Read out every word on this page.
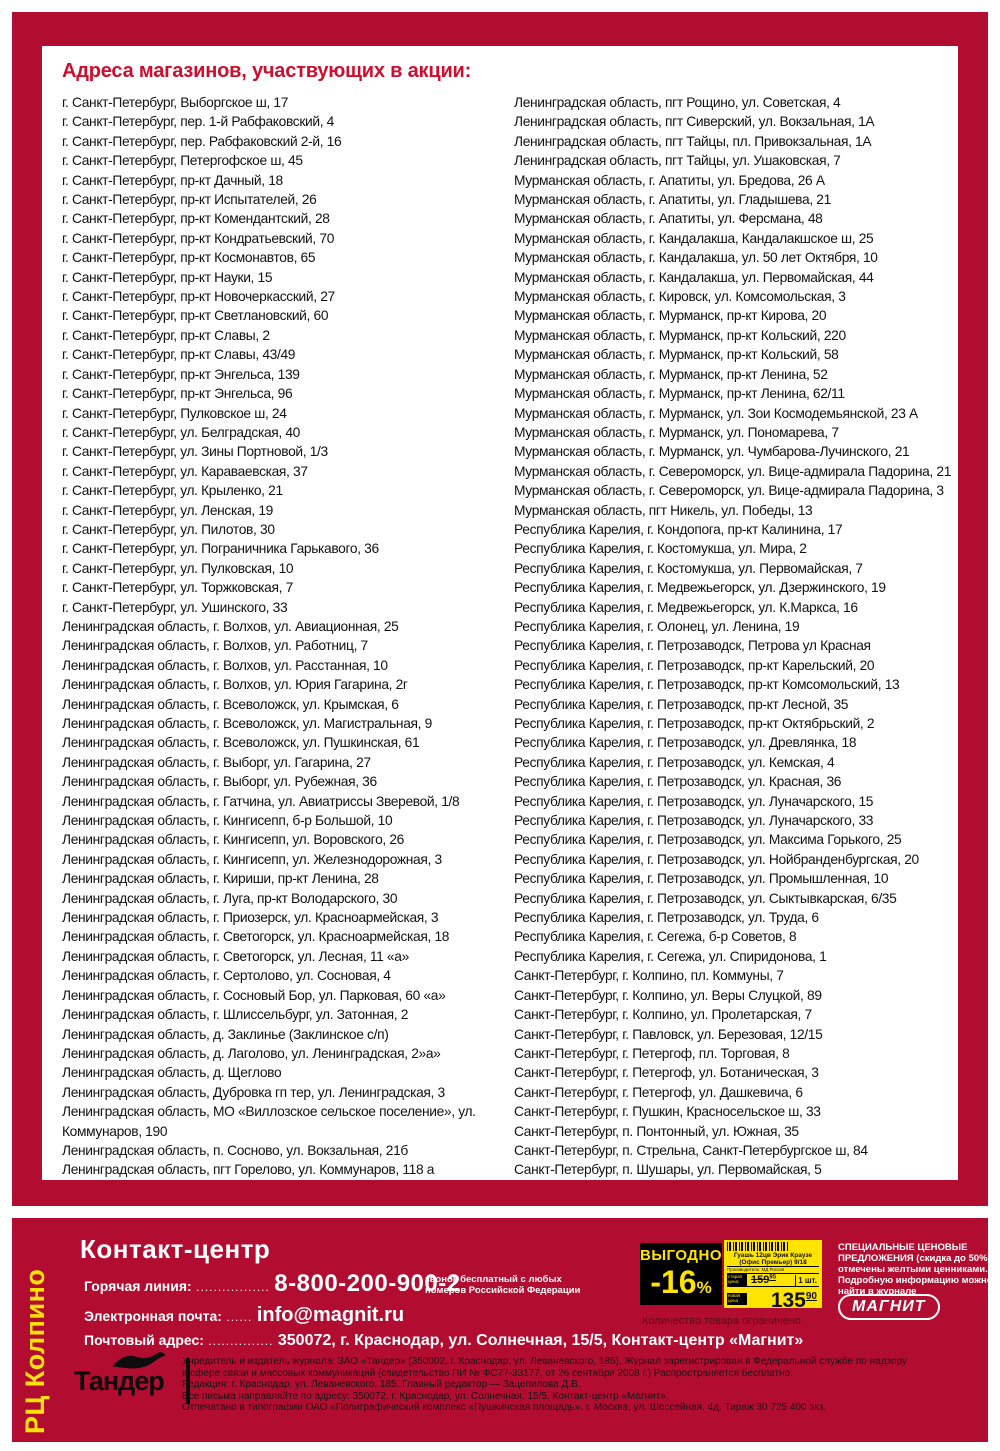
Адреса магазинов, участвующих в акции:
г. Санкт-Петербург, Выборгское ш, 17
г. Санкт-Петербург, пер. 1-й Рабфаковский, 4
г. Санкт-Петербург, пер. Рабфаковский 2-й, 16
г. Санкт-Петербург, Петергофское ш, 45
г. Санкт-Петербург, пр-кт Дачный, 18
г. Санкт-Петербург, пр-кт Испытателей, 26
г. Санкт-Петербург, пр-кт Комендантский, 28
г. Санкт-Петербург, пр-кт Кондратьевский, 70
г. Санкт-Петербург, пр-кт Космонавтов, 65
г. Санкт-Петербург, пр-кт Науки, 15
г. Санкт-Петербург, пр-кт Новочеркасский, 27
г. Санкт-Петербург, пр-кт Светлановский, 60
г. Санкт-Петербург, пр-кт Славы, 2
г. Санкт-Петербург, пр-кт Славы, 43/49
г. Санкт-Петербург, пр-кт Энгельса, 139
г. Санкт-Петербург, пр-кт Энгельса, 96
г. Санкт-Петербург, Пулковское ш, 24
г. Санкт-Петербург, ул. Белградская, 40
г. Санкт-Петербург, ул. Зины Портновой, 1/3
г. Санкт-Петербург, ул. Караваевская, 37
г. Санкт-Петербург, ул. Крыленко, 21
г. Санкт-Петербург, ул. Ленская, 19
г. Санкт-Петербург, ул. Пилотов, 30
г. Санкт-Петербург, ул. Пограничника Гарькавого, 36
г. Санкт-Петербург, ул. Пулковская, 10
г. Санкт-Петербург, ул. Торжковская, 7
г. Санкт-Петербург, ул. Ушинского, 33
Ленинградская область, г. Волхов, ул. Авиационная, 25
Ленинградская область, г. Волхов, ул. Работниц, 7
Ленинградская область, г. Волхов, ул. Расстанная, 10
Ленинградская область, г. Волхов, ул. Юрия Гагарина, 2г
Ленинградская область, г. Всеволожск, ул. Крымская, 6
Ленинградская область, г. Всеволожск, ул. Магистральная, 9
Ленинградская область, г. Всеволожск, ул. Пушкинская, 61
Ленинградская область, г. Выборг, ул. Гагарина, 27
Ленинградская область, г. Выборг, ул. Рубежная, 36
Ленинградская область, г. Гатчина, ул. Авиатриссы Зверевой, 1/8
Ленинградская область, г. Кингисепп, б-р Большой, 10
Ленинградская область, г. Кингисепп, ул. Воровского, 26
Ленинградская область, г. Кингисепп, ул. Железнодорожная, 3
Ленинградская область, г. Кириши, пр-кт Ленина, 28
Ленинградская область, г. Луга, пр-кт Володарского, 30
Ленинградская область, г. Приозерск, ул. Красноармейская, 3
Ленинградская область, г. Светогорск, ул. Красноармейская, 18
Ленинградская область, г. Светогорск, ул. Лесная, 11 «а»
Ленинградская область, г. Сертолово, ул. Сосновая, 4
Ленинградская область, г. Сосновый Бор, ул. Парковая, 60 «а»
Ленинградская область, г. Шлиссельбург, ул. Затонная, 2
Ленинградская область, д. Заклинье (Заклинское с/п)
Ленинградская область, д. Лаголово, ул. Ленинградская, 2»а»
Ленинградская область, д. Щеглово
Ленинградская область, Дубровка гп тер, ул. Ленинградская, 3
Ленинградская область, МО «Виллозское сельское поселение», ул. Коммунаров, 190
Ленинградская область, п. Сосново, ул. Вокзальная, 21б
Ленинградская область, пгт Горелово, ул. Коммунаров, 118 а
Ленинградская область, пгт Рощино, ул. Советская, 4
Ленинградская область, пгт Сиверский, ул. Вокзальная, 1А
Ленинградская область, пгт Тайцы, пл. Привокзальная, 1А
Ленинградская область, пгт Тайцы, ул. Ушаковская, 7
Мурманская область, г. Апатиты, ул. Бредова, 26 А
Мурманская область, г. Апатиты, ул. Гладышева, 21
Мурманская область, г. Апатиты, ул. Ферсмана, 48
Мурманская область, г. Кандалакша, Кандалакшское ш, 25
Мурманская область, г. Кандалакша, ул. 50 лет Октября, 10
Мурманская область, г. Кандалакша, ул. Первомайская, 44
Мурманская область, г. Кировск, ул. Комсомольская, 3
Мурманская область, г. Мурманск, пр-кт Кирова, 20
Мурманская область, г. Мурманск, пр-кт Кольский, 220
Мурманская область, г. Мурманск, пр-кт Кольский, 58
Мурманская область, г. Мурманск, пр-кт Ленина, 52
Мурманская область, г. Мурманск, пр-кт Ленина, 62/11
Мурманская область, г. Мурманск, ул. Зои Космодемьянской, 23 А
Мурманская область, г. Мурманск, ул. Пономарева, 7
Мурманская область, г. Мурманск, ул. Чумбарова-Лучинского, 21
Мурманская область, г. Североморск, ул. Вице-адмирала Падорина, 21
Мурманская область, г. Североморск, ул. Вице-адмирала Падорина, 3
Мурманская область, пгт Никель, ул. Победы, 13
Республика Карелия, г. Кондопога, пр-кт Калинина, 17
Республика Карелия, г. Костомукша, ул. Мира, 2
Республика Карелия, г. Костомукша, ул. Первомайская, 7
Республика Карелия, г. Медвежьегорск, ул. Дзержинского, 19
Республика Карелия, г. Медвежьегорск, ул. К.Маркса, 16
Республика Карелия, г. Олонец, ул. Ленина, 19
Республика Карелия, г. Петрозаводск, Петрова ул Красная
Республика Карелия, г. Петрозаводск, пр-кт Карельский, 20
Республика Карелия, г. Петрозаводск, пр-кт Комсомольский, 13
Республика Карелия, г. Петрозаводск, пр-кт Лесной, 35
Республика Карелия, г. Петрозаводск, пр-кт Октябрьский, 2
Республика Карелия, г. Петрозаводск, ул. Древлянка, 18
Республика Карелия, г. Петрозаводск, ул. Кемская, 4
Республика Карелия, г. Петрозаводск, ул. Красная, 36
Республика Карелия, г. Петрозаводск, ул. Луначарского, 15
Республика Карелия, г. Петрозаводск, ул. Луначарского, 33
Республика Карелия, г. Петрозаводск, ул. Максима Горького, 25
Республика Карелия, г. Петрозаводск, ул. Нойбранденбургская, 20
Республика Карелия, г. Петрозаводск, ул. Промышленная, 10
Республика Карелия, г. Петрозаводск, ул. Сыктывкарская, 6/35
Республика Карелия, г. Петрозаводск, ул. Труда, 6
Республика Карелия, г. Сегежа, б-р Советов, 8
Республика Карелия, г. Сегежа, ул. Спиридонова, 1
Санкт-Петербург, г. Колпино, пл. Коммуны, 7
Санкт-Петербург, г. Колпино, ул. Веры Слуцкой, 89
Санкт-Петербург, г. Колпино, ул. Пролетарская, 7
Санкт-Петербург, г. Павловск, ул. Березовая, 12/15
Санкт-Петербург, г. Петергоф, пл. Торговая, 8
Санкт-Петербург, г. Петергоф, ул. Ботаническая, 3
Санкт-Петербург, г. Петергоф, ул. Дашкевича, 6
Санкт-Петербург, г. Пушкин, Красносельское ш, 33
Санкт-Петербург, п. Понтонный, ул. Южная, 35
Санкт-Петербург, п. Стрельна, Санкт-Петербургское ш, 84
Санкт-Петербург, п. Шушары, ул. Первомайская, 5
РЦ Колпино
Контакт-центр
Горячая линия: ................. 8-800-200-900-2
звонок бесплатный с любых номеров Российской Федерации
Электронная почта: ...... info@magnit.ru
Почтовый адрес: ............... 350072, г. Краснодар, ул. Солнечная, 15/5, Контакт-центр «Магнит»
ВЫГОДНО
-16%
Гуашь 12цв Эрик Краузе (Офис Премьер) 9/18
Производитель: МД Россия
старая цена:	$159^{95}$	1 шт.
новая цена	$135^{90}$
Количество товара ограничено
СПЕЦИАЛЬНЫЕ ЦЕНОВЫЕ ПРЕДЛОЖЕНИЯ (скидка до 50%) отмечены желтыми ценниками. Подробную информацию можно найти в журнале
МАГНИТ
Тандер
Учредитель и издатель журнала: ЗАО «Тандер» (350002, г. Краснодар, ул. Леваневского, 185). Журнал зарегистрирован в Федеральной службе по надзору
в сфере связи и массовых коммуникаций (свидетельство ПИ № ФС77-33177, от 26 сентября 2008 г.) Распространяется бесплатно.
Редакция: г. Краснодар, ул. Леваневского, 185. Главный редактор — Зацепилова Д.В.
Все письма направляйте по адресу: 350072, г. Краснодар, ул. Солнечная, 15/5. Контакт-центр «Магнит».
Отпечатано в типографии ОАО «Полиграфический комплекс «Пушкинская площадь», г. Москва, ул. Шоссейная, 4д. Тираж 30 725 400 экз.
